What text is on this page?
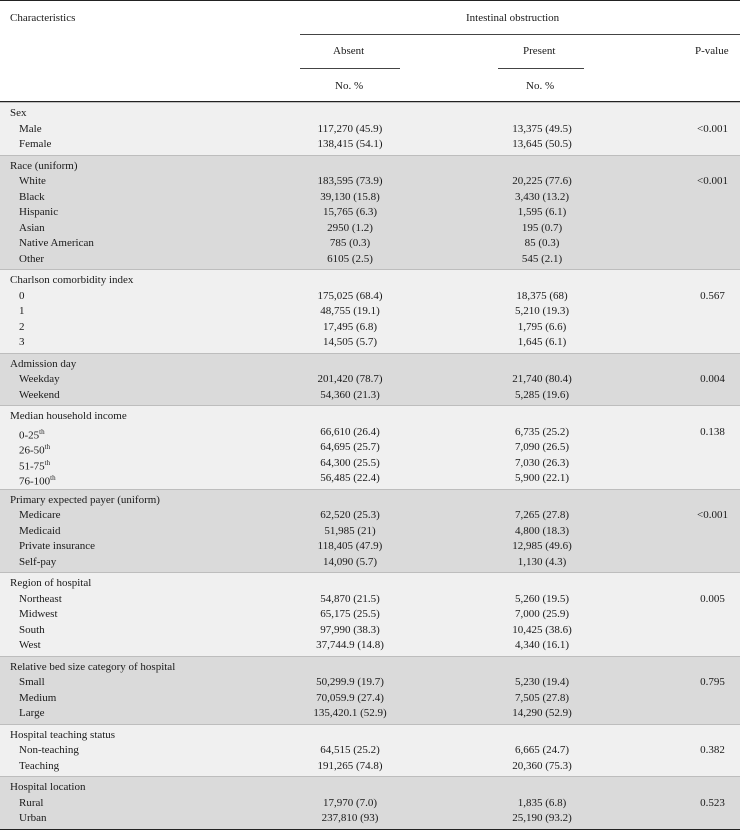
Characteristics	Intestinal obstruction
Absent	Present	P-value
No. %	No. %
Sex
Male	117,270 (45.9)	13,375 (49.5)	<0.001
Female	138,415 (54.1)	13,645 (50.5)
Race (uniform)
White	183,595 (73.9)	20,225 (77.6)	<0.001
Black	39,130 (15.8)	3,430 (13.2)
Hispanic	15,765 (6.3)	1,595 (6.1)
Asian	2950 (1.2)	195 (0.7)
Native American	785 (0.3)	85 (0.3)
Other	6105 (2.5)	545 (2.1)
Charlson comorbidity index
0	175,025 (68.4)	18,375 (68)	0.567
1	48,755 (19.1)	5,210 (19.3)
2	17,495 (6.8)	1,795 (6.6)
3	14,505 (5.7)	1,645 (6.1)
Admission day
Weekday	201,420 (78.7)	21,740 (80.4)	0.004
Weekend	54,360 (21.3)	5,285 (19.6)
Median household income
0-25th	66,610 (26.4)	6,735 (25.2)	0.138
26-50th	64,695 (25.7)	7,090 (26.5)
51-75th	64,300 (25.5)	7,030 (26.3)
76-100th	56,485 (22.4)	5,900 (22.1)
Primary expected payer (uniform)
Medicare	62,520 (25.3)	7,265 (27.8)	<0.001
Medicaid	51,985 (21)	4,800 (18.3)
Private insurance	118,405 (47.9)	12,985 (49.6)
Self-pay	14,090 (5.7)	1,130 (4.3)
Region of hospital
Northeast	54,870 (21.5)	5,260 (19.5)	0.005
Midwest	65,175 (25.5)	7,000 (25.9)
South	97,990 (38.3)	10,425 (38.6)
West	37,744.9 (14.8)	4,340 (16.1)
Relative bed size category of hospital
Small	50,299.9 (19.7)	5,230 (19.4)	0.795
Medium	70,059.9 (27.4)	7,505 (27.8)
Large	135,420.1 (52.9)	14,290 (52.9)
Hospital teaching status
Non-teaching	64,515 (25.2)	6,665 (24.7)	0.382
Teaching	191,265 (74.8)	20,360 (75.3)
Hospital location
Rural	17,970 (7.0)	1,835 (6.8)	0.523
Urban	237,810 (93)	25,190 (93.2)
